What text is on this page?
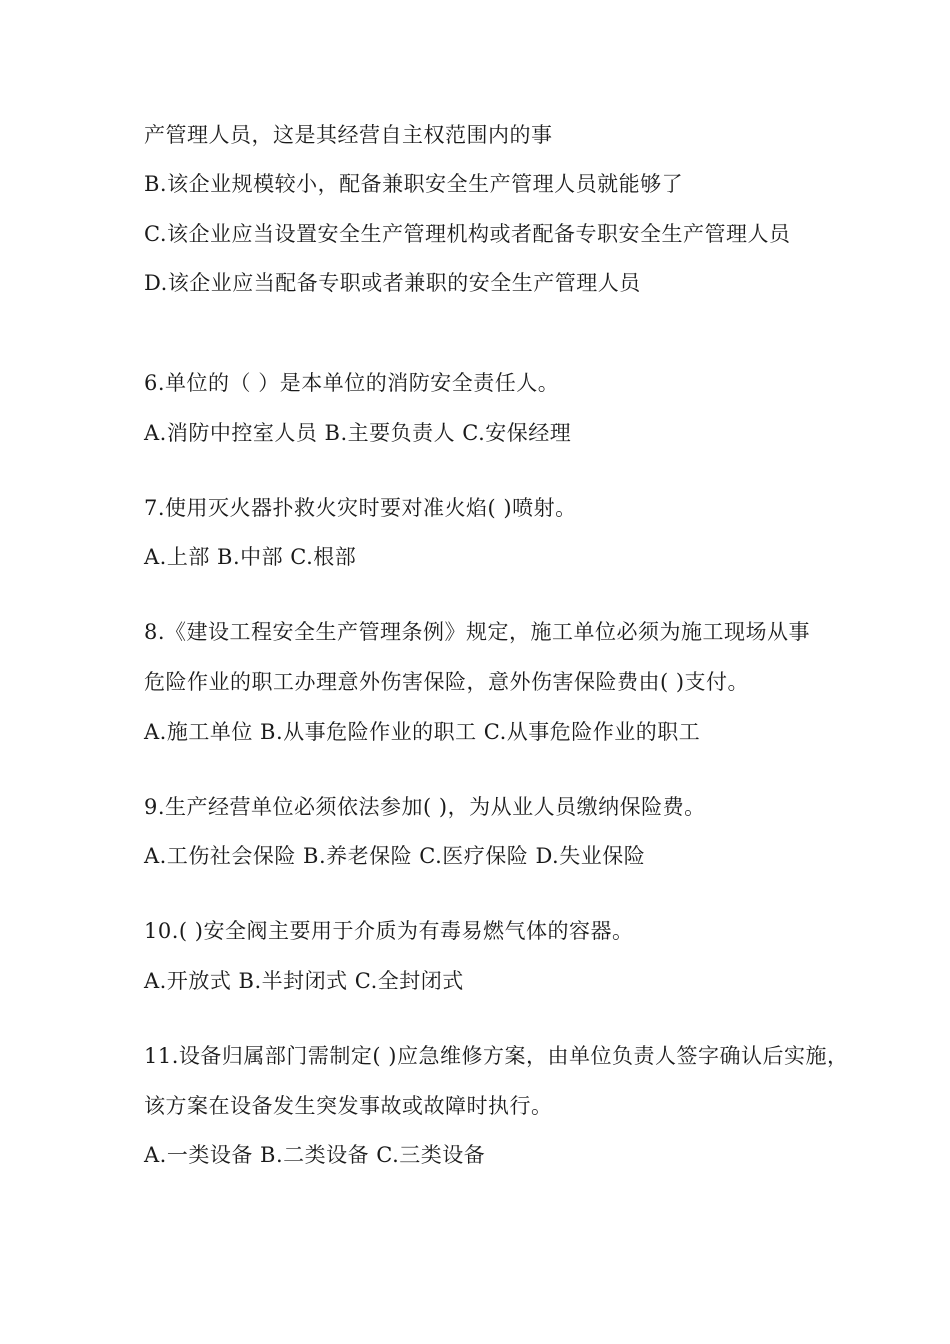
产管理人员，这是其经营自主权范围内的事
B.该企业规模较小，配备兼职安全生产管理人员就能够了
C.该企业应当设置安全生产管理机构或者配备专职安全生产管理人员
D.该企业应当配备专职或者兼职的安全生产管理人员
6.单位的（ ）是本单位的消防安全责任人。
A.消防中控室人员 B.主要负责人 C.安保经理
7.使用灭火器扑救火灾时要对准火焰( )喷射。
A.上部 B.中部 C.根部
8.《建设工程安全生产管理条例》规定，施工单位必须为施工现场从事
危险作业的职工办理意外伤害保险，意外伤害保险费由( )支付。
A.施工单位 B.从事危险作业的职工 C.从事危险作业的职工
9.生产经营单位必须依法参加( )，为从业人员缴纳保险费。
A.工伤社会保险 B.养老保险 C.医疗保险 D.失业保险
10.( )安全阀主要用于介质为有毒易燃气体的容器。
A.开放式 B.半封闭式 C.全封闭式
11.设备归属部门需制定( )应急维修方案，由单位负责人签字确认后实施，
该方案在设备发生突发事故或故障时执行。
A.一类设备 B.二类设备 C.三类设备
